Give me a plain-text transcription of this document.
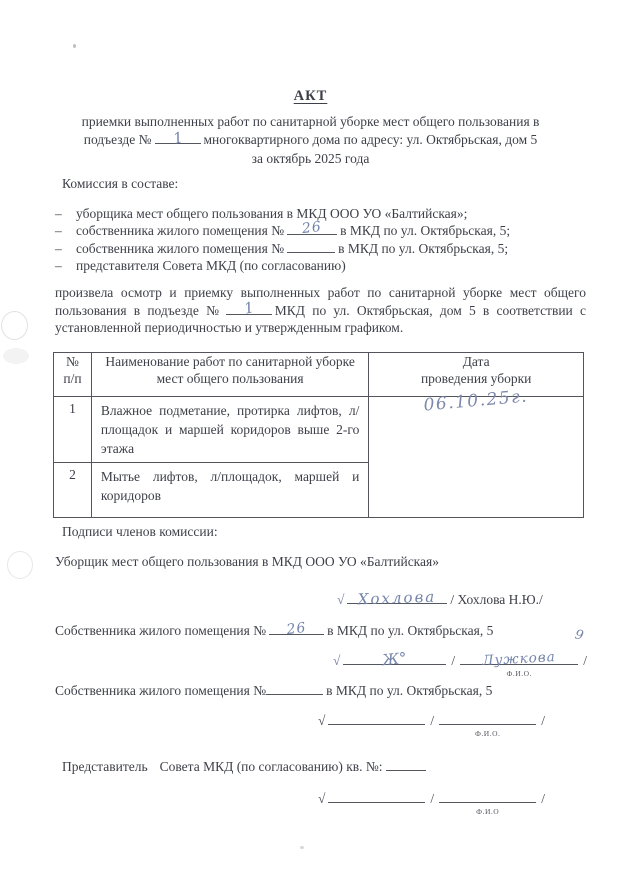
АКТ
приемки выполненных работ по санитарной уборке мест общего пользования в
подъезде №	1	многоквартирного дома по адресу: ул. Октябрьская, дом 5
за октябрь 2025 года
Комиссия в составе:
–	уборщика мест общего пользования в МКД ООО УО «Балтийская»;
–	собственника жилого помещения №	26	в МКД по ул. Октябрьская, 5;
–	собственника жилого помещения №	в МКД по ул. Октябрьская, 5;
–	представителя Совета МКД (по согласованию)
произвела осмотр и приемку выполненных работ по санитарной уборке мест общего пользования в подъезде №	1	МКД по ул. Октябрьская, дом 5 в соответствии с установленной периодичностью и утвержденным графиком.
№
п/п	Наименование работ по санитарной уборке мест общего пользования	Дата
проведения уборки
1	Влажное подметание, протирка лифтов, л/площадок и маршей коридоров выше 2-го этажа	06.10.25г.
2	Мытье лифтов, л/площадок, маршей и коридоров	
Подписи членов комиссии:
Уборщик мест общего пользования в МКД ООО УО «Балтийская»
√ Хохлова / Хохлова Н.Ю./
Собственника жилого помещения №	26	в МКД по ул. Октябрьская, 5	9
√	Ж°	/	Лужкова
Ф.И.О.
/
Собственника жилого помещения №	в МКД по ул. Октябрьская, 5
√	/
Ф.И.О.
/
Представитель Совета МКД (по согласованию) кв. №:
√	/
Ф.И.О
/
